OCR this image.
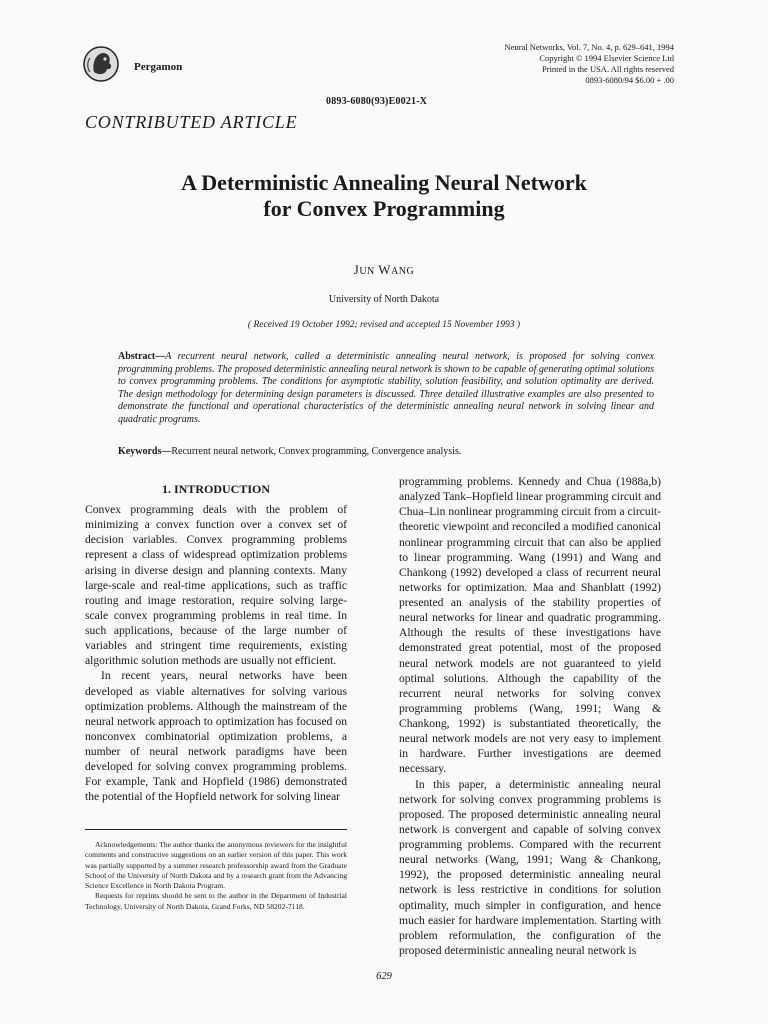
Pergamon
Neural Networks, Vol. 7, No. 4, p. 629–641, 1994
Copyright © 1994 Elsevier Science Ltd
Printed in the USA. All rights reserved
0893-6080/94 $6.00 + .00
0893-6080(93)E0021-X
CONTRIBUTED ARTICLE
A Deterministic Annealing Neural Network
for Convex Programming
JUN WANG
University of North Dakota
( Received 19 October 1992; revised and accepted 15 November 1993 )
Abstract—A recurrent neural network, called a deterministic annealing neural network, is proposed for solving convex programming problems. The proposed deterministic annealing neural network is shown to be capable of generating optimal solutions to convex programming problems. The conditions for asymptotic stability, solution feasibility, and solution optimality are derived. The design methodology for determining design parameters is discussed. Three detailed illustrative examples are also presented to demonstrate the functional and operational characteristics of the deterministic annealing neural network in solving linear and quadratic programs.
Keywords—Recurrent neural network, Convex programming, Convergence analysis.
1. INTRODUCTION

Convex programming deals with the problem of minimizing a convex function over a convex set of decision variables. Convex programming problems represent a class of widespread optimization problems arising in diverse design and planning contexts. Many large-scale and real-time applications, such as traffic routing and image restoration, require solving large-scale convex programming problems in real time. In such applications, because of the large number of variables and stringent time requirements, existing algorithmic solution methods are usually not efficient.

In recent years, neural networks have been developed as viable alternatives for solving various optimization problems. Although the mainstream of the neural network approach to optimization has focused on nonconvex combinatorial optimization problems, a number of neural network paradigms have been developed for solving convex programming problems. For example, Tank and Hopfield (1986) demonstrated the potential of the Hopfield network for solving linear

Acknowledgements: The author thanks the anonymous reviewers for the insightful comments and constructive suggestions on an earlier version of this paper. This work was partially supported by a summer research professorship award from the Graduate School of the University of North Dakota and by a research grant from the Advancing Science Excellence in North Dakota Program.

Requests for reprints should be sent to the author in the Department of Industrial Technology, University of North Dakota, Grand Forks, ND 58202-7118.

programming problems. Kennedy and Chua (1988a,b) analyzed Tank–Hopfield linear programming circuit and Chua–Lin nonlinear programming circuit from a circuit-theoretic viewpoint and reconciled a modified canonical nonlinear programming circuit that can also be applied to linear programming. Wang (1991) and Wang and Chankong (1992) developed a class of recurrent neural networks for optimization. Maa and Shanblatt (1992) presented an analysis of the stability properties of neural networks for linear and quadratic programming. Although the results of these investigations have demonstrated great potential, most of the proposed neural network models are not guaranteed to yield optimal solutions. Although the capability of the recurrent neural networks for solving convex programming problems (Wang, 1991; Wang & Chankong, 1992) is substantiated theoretically, the neural network models are not very easy to implement in hardware. Further investigations are deemed necessary.

In this paper, a deterministic annealing neural network for solving convex programming problems is proposed. The proposed deterministic annealing neural network is convergent and capable of solving convex programming problems. Compared with the recurrent neural networks (Wang, 1991; Wang & Chankong, 1992), the proposed deterministic annealing neural network is less restrictive in conditions for solution optimality, much simpler in configuration, and hence much easier for hardware implementation. Starting with problem reformulation, the configuration of the proposed deterministic annealing neural network is

629
